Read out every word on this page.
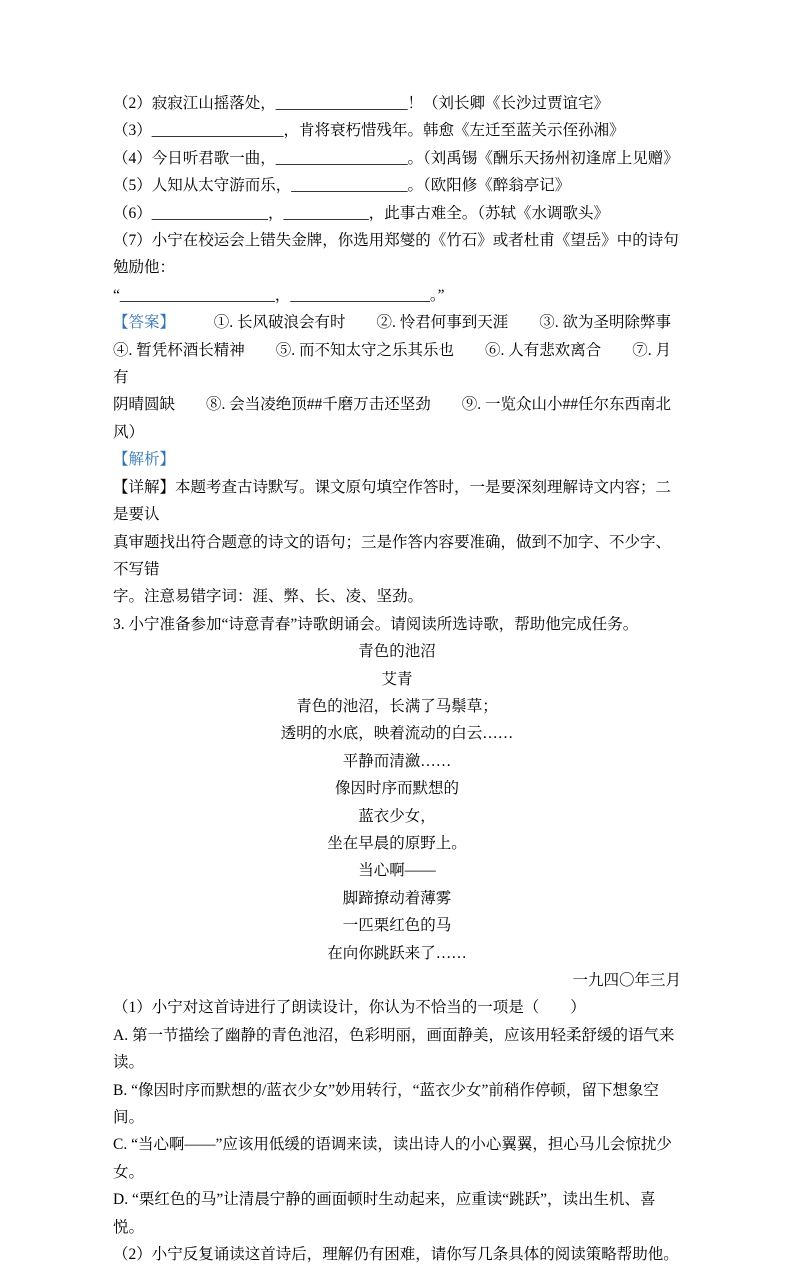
（2）寂寂江山摇落处，_________________！（刘长卿《长沙过贾谊宅》
（3）_________________，肯将衰朽惜残年。韩愈《左迁至蓝关示侄孙湘》
（4）今日听君歌一曲，_________________。（刘禹锡《酬乐天扬州初逢席上见赠》
（5）人知从太守游而乐，_______________。（欧阳修《醉翁亭记》
（6）_______________，___________，此事古难全。（苏轼《水调歌头》
（7）小宁在校运会上错失金牌，你选用郑燮的《竹石》或者杜甫《望岳》中的诗句勉励他：
“____________________，__________________。”
【答案】　　　①. 长风破浪会有时　　②. 怜君何事到天涯　　③. 欲为圣明除弊事
④. 暂凭杯酒长精神　　⑤. 而不知太守之乐其乐也　　⑥. 人有悲欢离合　　⑦. 月有
阴晴圆缺　　⑧. 会当凌绝顶##千磨万击还坚劲　　⑨. 一览众山小##任尔东西南北风）
【解析】
【详解】本题考查古诗默写。课文原句填空作答时，一是要深刻理解诗文内容；二是要认
真审题找出符合题意的诗文的语句；三是作答内容要准确，做到不加字、不少字、不写错
字。注意易错字词：涯、弊、长、凌、坚劲。
3. 小宁准备参加“诗意青春”诗歌朗诵会。请阅读所选诗歌，帮助他完成任务。
青色的池沼
艾青
青色的池沼，长满了马鬃草；
透明的水底，映着流动的白云……
平静而清瀲……
像因时序而默想的
蓝衣少女，
坐在早晨的原野上。
当心啊——
脚蹄撩动着薄雾
一匹栗红色的马
在向你跳跃来了……
一九四〇年三月
（1）小宁对这首诗进行了朗读设计，你认为不恰当的一项是（　　）
A. 第一节描绘了幽静的青色池沼，色彩明丽，画面静美，应该用轻柔舒缓的语气来读。
B. “像因时序而默想的/蓝衣少女”妙用转行，“蓝衣少女”前稍作停顿，留下想象空间。
C. “当心啊——”应该用低缓的语调来读，读出诗人的小心翼翼，担心马儿会惊扰少女。
D. “栗红色的马”让清晨宁静的画面顿时生动起来，应重读“跳跃”，读出生机、喜悦。
（2）小宁反复诵读这首诗后，理解仍有困难，请你写几条具体的阅读策略帮助他。
